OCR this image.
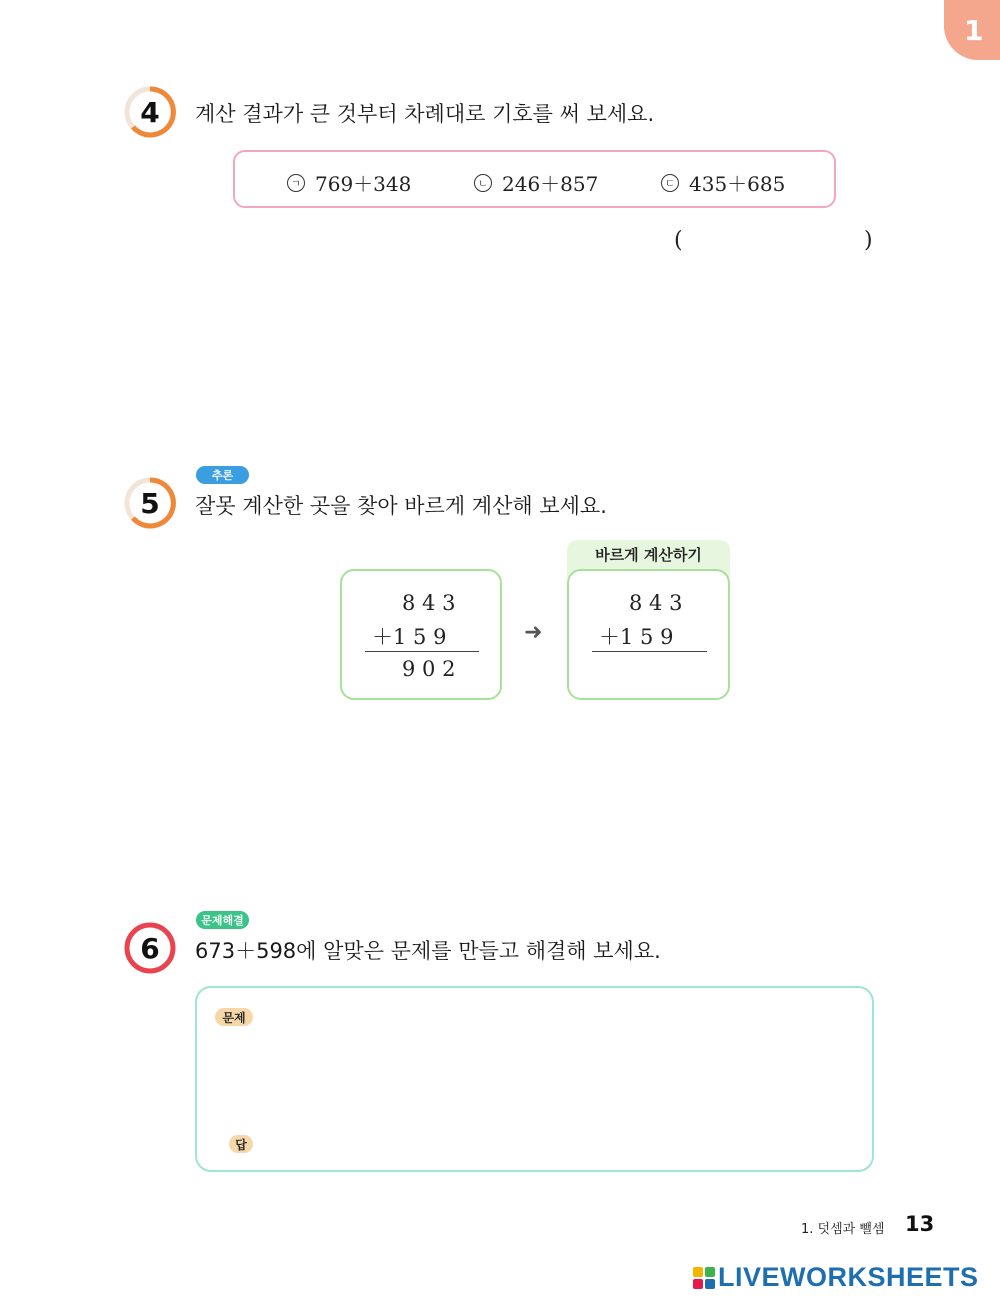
1
4	계산 결과가 큰 것부터 차례대로 기호를 써 보세요.
ㄱ 769＋348	ㄴ 246＋857	ㄷ 435＋685
(	)
추론
5	잘못 계산한 곳을 찾아 바르게 계산해 보세요.
8 4 3
＋1 5 9
9 0 2
➜
바르게 계산하기
8 4 3
＋1 5 9
문제해결
6	673＋598에 알맞은 문제를 만들고 해결해 보세요.
문제
답
1. 덧셈과 뺄셈 13
LIVEWORKSHEETS
